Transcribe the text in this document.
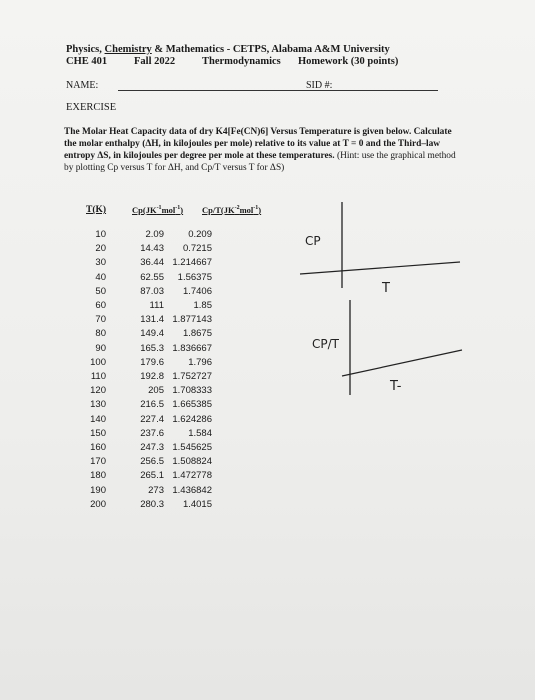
Physics, Chemistry & Mathematics - CETPS, Alabama A&M University
CHE 401	Fall 2022	Thermodynamics	Homework (30 points)
NAME:	SID #:
EXERCISE
The Molar Heat Capacity data of dry K4[Fe(CN)6] Versus Temperature is given below. Calculate the molar enthalpy (ΔH, in kilojoules per mole) relative to its value at T = 0 and the Third–law entropy ΔS, in kilojoules per degree per mole at these temperatures. (Hint: use the graphical method by plotting Cp versus T for ΔH, and Cp/T versus T for ΔS)
T(K)	$Cp(JK^{-1}mol^{-1})$ $Cp/T(JK^{-2}mol^{-1})$
10	2.09	0.209
20	14.43	0.7215
30	36.44	1.214667
40	62.55	1.56375
50	87.03	1.7406
60	111	1.85
70	131.4	1.877143
80	149.4	1.8675
90	165.3	1.836667
100	179.6	1.796
110	192.8	1.752727
120	205	1.708333
130	216.5	1.665385
140	227.4	1.624286
150	237.6	1.584
160	247.3	1.545625
170	256.5	1.508824
180	265.1	1.472778
190	273	1.436842
200	280.3	1.4015
CP
T
CP/T
T-
